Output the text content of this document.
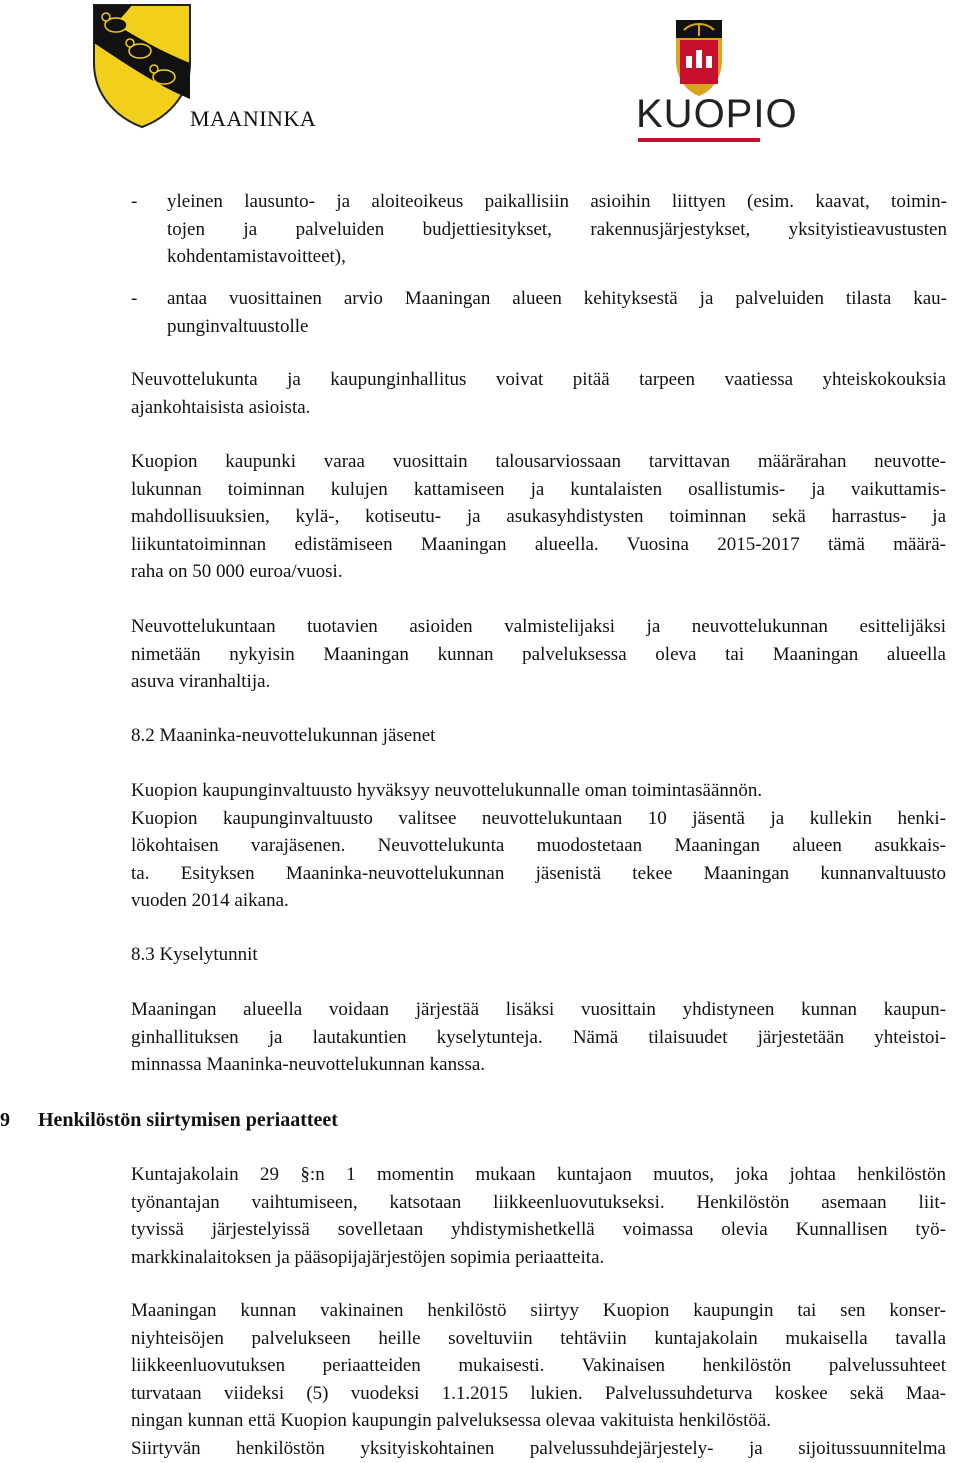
MAANINKA	KUOPIO
- yleinen lausunto- ja aloiteoikeus paikallisiin asioihin liittyen (esim. kaavat, toimin-
tojen ja palveluiden budjettiesitykset, rakennusjärjestykset, yksityistieavustusten
kohdentamistavoitteet),
- antaa vuosittainen arvio Maaningan alueen kehityksestä ja palveluiden tilasta kau-
punginvaltuustolle
Neuvottelukunta ja kaupunginhallitus voivat pitää tarpeen vaatiessa yhteiskokouksia
ajankohtaisista asioista.
Kuopion kaupunki varaa vuosittain talousarviossaan tarvittavan määrärahan neuvotte-
lukunnan toiminnan kulujen kattamiseen ja kuntalaisten osallistumis- ja vaikuttamis-
mahdollisuuksien, kylä-, kotiseutu- ja asukasyhdistysten toiminnan sekä harrastus- ja
liikuntatoiminnan edistämiseen Maaningan alueella. Vuosina 2015-2017 tämä määrä-
raha on 50 000 euroa/vuosi.
Neuvottelukuntaan tuotavien asioiden valmistelijaksi ja neuvottelukunnan esittelijäksi
nimetään nykyisin Maaningan kunnan palveluksessa oleva tai Maaningan alueella
asuva viranhaltija.
8.2 Maaninka-neuvottelukunnan jäsenet
Kuopion kaupunginvaltuusto hyväksyy neuvottelukunnalle oman toimintasäännön.
Kuopion kaupunginvaltuusto valitsee neuvottelukuntaan 10 jäsentä ja kullekin henki-
lökohtaisen varajäsenen. Neuvottelukunta muodostetaan Maaningan alueen asukkais-
ta. Esityksen Maaninka-neuvottelukunnan jäsenistä tekee Maaningan kunnanvaltuusto
vuoden 2014 aikana.
8.3 Kyselytunnit
Maaningan alueella voidaan järjestää lisäksi vuosittain yhdistyneen kunnan kaupun-
ginhallituksen ja lautakuntien kyselytunteja. Nämä tilaisuudet järjestetään yhteistoi-
minnassa Maaninka-neuvottelukunnan kanssa.
9 Henkilöstön siirtymisen periaatteet
Kuntajakolain 29 §:n 1 momentin mukaan kuntajaon muutos, joka johtaa henkilöstön
työnantajan vaihtumiseen, katsotaan liikkeenluovutukseksi. Henkilöstön asemaan liit-
tyvissä järjestelyissä sovelletaan yhdistymishetkellä voimassa olevia Kunnallisen työ-
markkinalaitoksen ja pääsopijajärjestöjen sopimia periaatteita.
Maaningan kunnan vakinainen henkilöstö siirtyy Kuopion kaupungin tai sen konser-
niyhteisöjen palvelukseen heille soveltuviin tehtäviin kuntajakolain mukaisella tavalla
liikkeenluovutuksen periaatteiden mukaisesti. Vakinaisen henkilöstön palvelussuhteet
turvataan viideksi (5) vuodeksi 1.1.2015 lukien. Palvelussuhdeturva koskee sekä Maa-
ningan kunnan että Kuopion kaupungin palveluksessa olevaa vakituista henkilöstöä.
Siirtyvän henkilöstön yksityiskohtainen palvelussuhdejärjestely- ja sijoitussuunnitelma
